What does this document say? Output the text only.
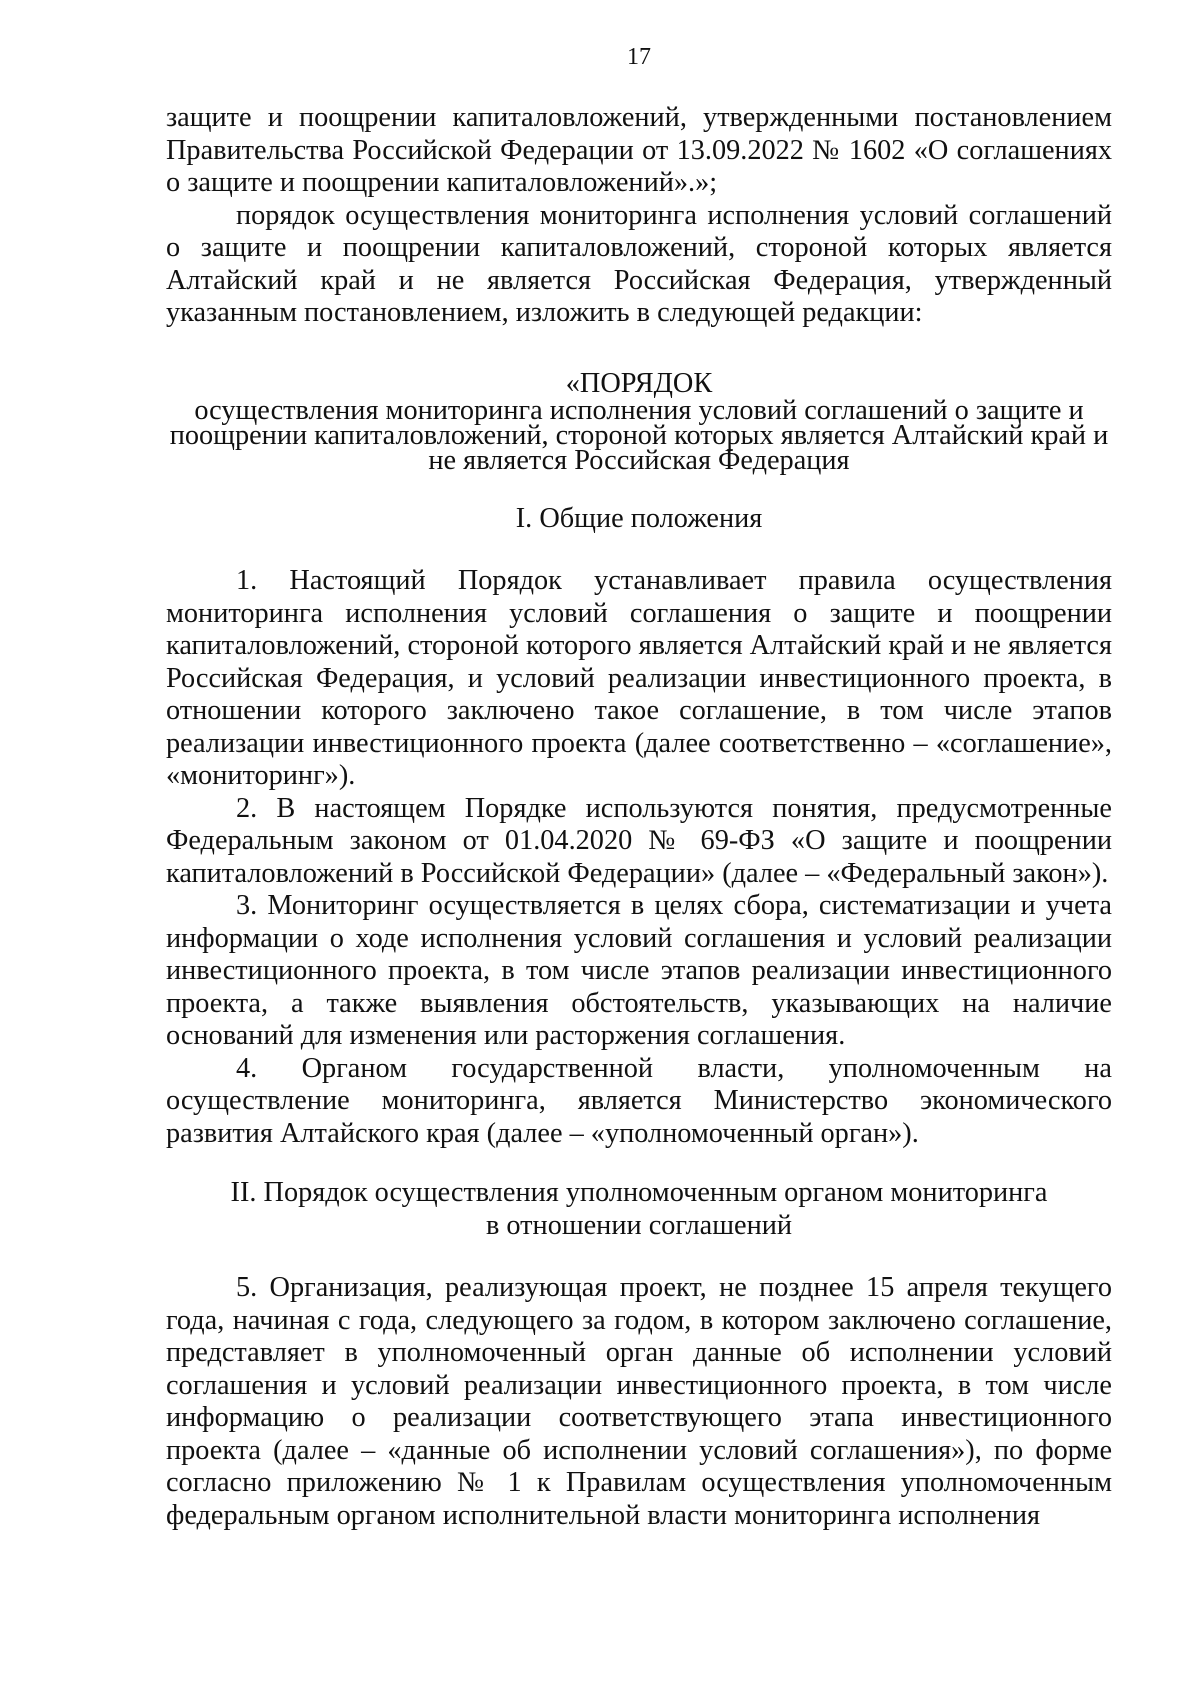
17

защите и поощрении капиталовложений, утвержденными постановлением Правительства Российской Федерации от 13.09.2022 № 1602 «О соглашениях о защите и поощрении капиталовложений».»;

порядок осуществления мониторинга исполнения условий соглашений о защите и поощрении капиталовложений, стороной которых является Алтайский край и не является Российская Федерация, утвержденный указанным постановлением, изложить в следующей редакции:

«ПОРЯДОК
осуществления мониторинга исполнения условий соглашений о защите и
поощрении капиталовложений, стороной которых является Алтайский край и
не является Российская Федерация
I. Общие положения

1. Настоящий Порядок устанавливает правила осуществления мониторинга исполнения условий соглашения о защите и поощрении капиталовложений, стороной которого является Алтайский край и не является Российская Федерация, и условий реализации инвестиционного проекта, в отношении которого заключено такое соглашение, в том числе этапов реализации инвестиционного проекта (далее соответственно – «соглашение», «мониторинг»).

2. В настоящем Порядке используются понятия, предусмотренные Федеральным законом от 01.04.2020 № 69-ФЗ «О защите и поощрении капиталовложений в Российской Федерации» (далее – «Федеральный закон»).

3. Мониторинг осуществляется в целях сбора, систематизации и учета информации о ходе исполнения условий соглашения и условий реализации инвестиционного проекта, в том числе этапов реализации инвестиционного проекта, а также выявления обстоятельств, указывающих на наличие оснований для изменения или расторжения соглашения.

4. Органом государственной власти, уполномоченным на осуществление мониторинга, является Министерство экономического развития Алтайского края (далее – «уполномоченный орган»).

II. Порядок осуществления уполномоченным органом мониторинга
в отношении соглашений

5. Организация, реализующая проект, не позднее 15 апреля текущего года, начиная с года, следующего за годом, в котором заключено соглашение, представляет в уполномоченный орган данные об исполнении условий соглашения и условий реализации инвестиционного проекта, в том числе информацию о реализации соответствующего этапа инвестиционного проекта (далее – «данные об исполнении условий соглашения»), по форме согласно приложению № 1 к Правилам осуществления уполномоченным федеральным органом исполнительной власти мониторинга исполнения
